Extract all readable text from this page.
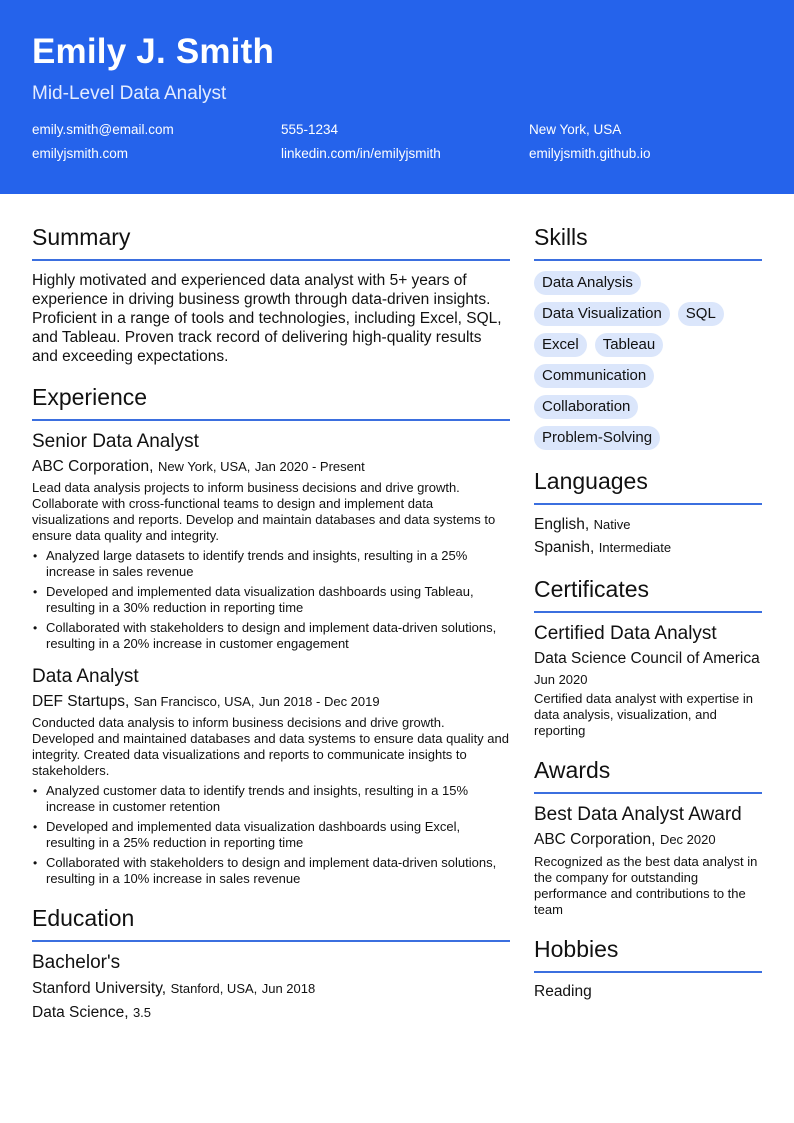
Emily J. Smith
Mid-Level Data Analyst
emily.smith@email.com	555-1234	New York, USA
emilyjsmith.com	linkedin.com/in/emilyjsmith	emilyjsmith.github.io
Summary
Highly motivated and experienced data analyst with 5+ years of experience in driving business growth through data-driven insights. Proficient in a range of tools and technologies, including Excel, SQL, and Tableau. Proven track record of delivering high-quality results and exceeding expectations.
Experience
Senior Data Analyst
ABC Corporation, New York, USA, Jan 2020 - Present
Lead data analysis projects to inform business decisions and drive growth. Collaborate with cross-functional teams to design and implement data visualizations and reports. Develop and maintain databases and data systems to ensure data quality and integrity.
• Analyzed large datasets to identify trends and insights, resulting in a 25% increase in sales revenue
• Developed and implemented data visualization dashboards using Tableau, resulting in a 30% reduction in reporting time
• Collaborated with stakeholders to design and implement data-driven solutions, resulting in a 20% increase in customer engagement
Data Analyst
DEF Startups, San Francisco, USA, Jun 2018 - Dec 2019
Conducted data analysis to inform business decisions and drive growth. Developed and maintained databases and data systems to ensure data quality and integrity. Created data visualizations and reports to communicate insights to stakeholders.
• Analyzed customer data to identify trends and insights, resulting in a 15% increase in customer retention
• Developed and implemented data visualization dashboards using Excel, resulting in a 25% reduction in reporting time
• Collaborated with stakeholders to design and implement data-driven solutions, resulting in a 10% increase in sales revenue
Education
Bachelor's
Stanford University, Stanford, USA, Jun 2018
Data Science, 3.5
Skills
Data Analysis
Data Visualization	SQL
Excel	Tableau
Communication
Collaboration
Problem-Solving
Languages
English, Native
Spanish, Intermediate
Certificates
Certified Data Analyst
Data Science Council of America
Jun 2020
Certified data analyst with expertise in data analysis, visualization, and reporting
Awards
Best Data Analyst Award
ABC Corporation, Dec 2020
Recognized as the best data analyst in the company for outstanding performance and contributions to the team
Hobbies
Reading
